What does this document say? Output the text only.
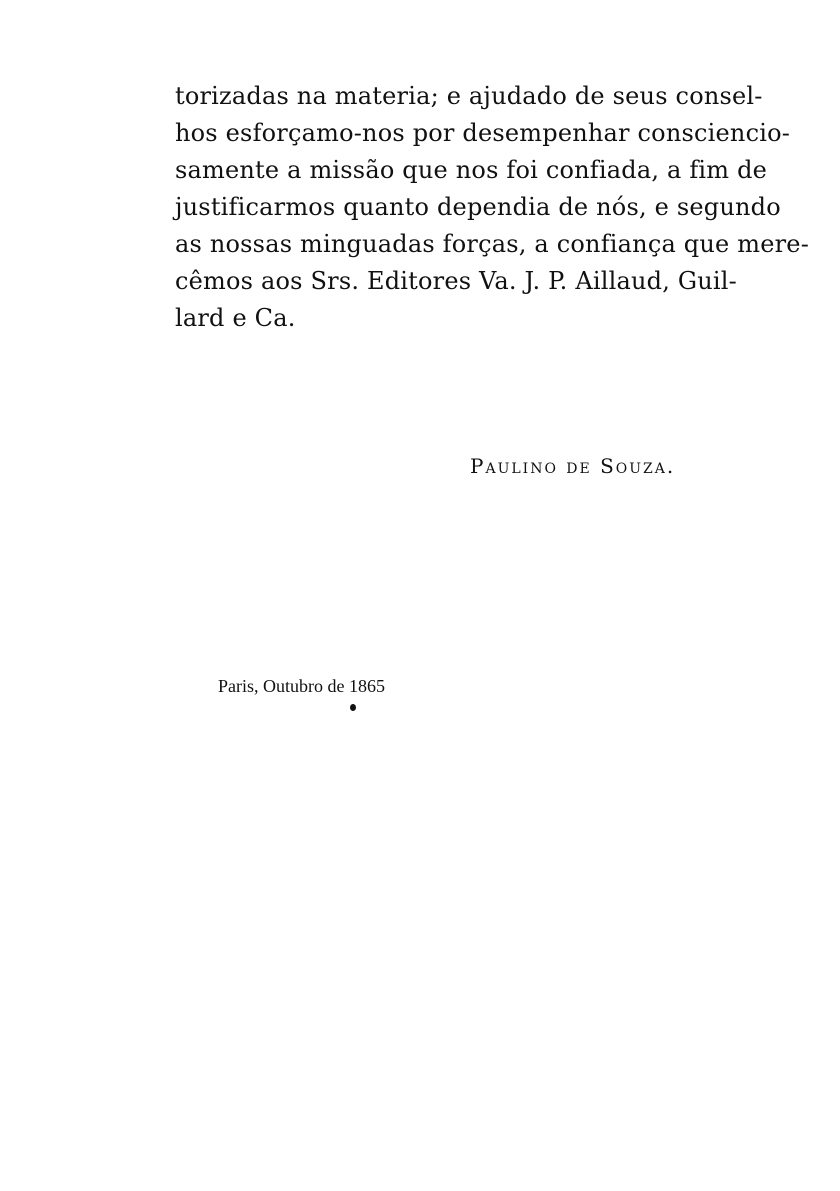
torizadas na materia; e ajudado de seus consel-
hos esforçamo-nos por desempenhar conscienciо-
samente a missão que nos foi confiada, a fim de
justificarmos quanto dependia de nós, e segundo
as nossas minguadas forças, a confiança que mere-
cêmos aos Srs. Editores Va. J. P. Aillaud, Guil-
lard e Ca.
Paulino de Souza.
Paris, Outubro de 1865
